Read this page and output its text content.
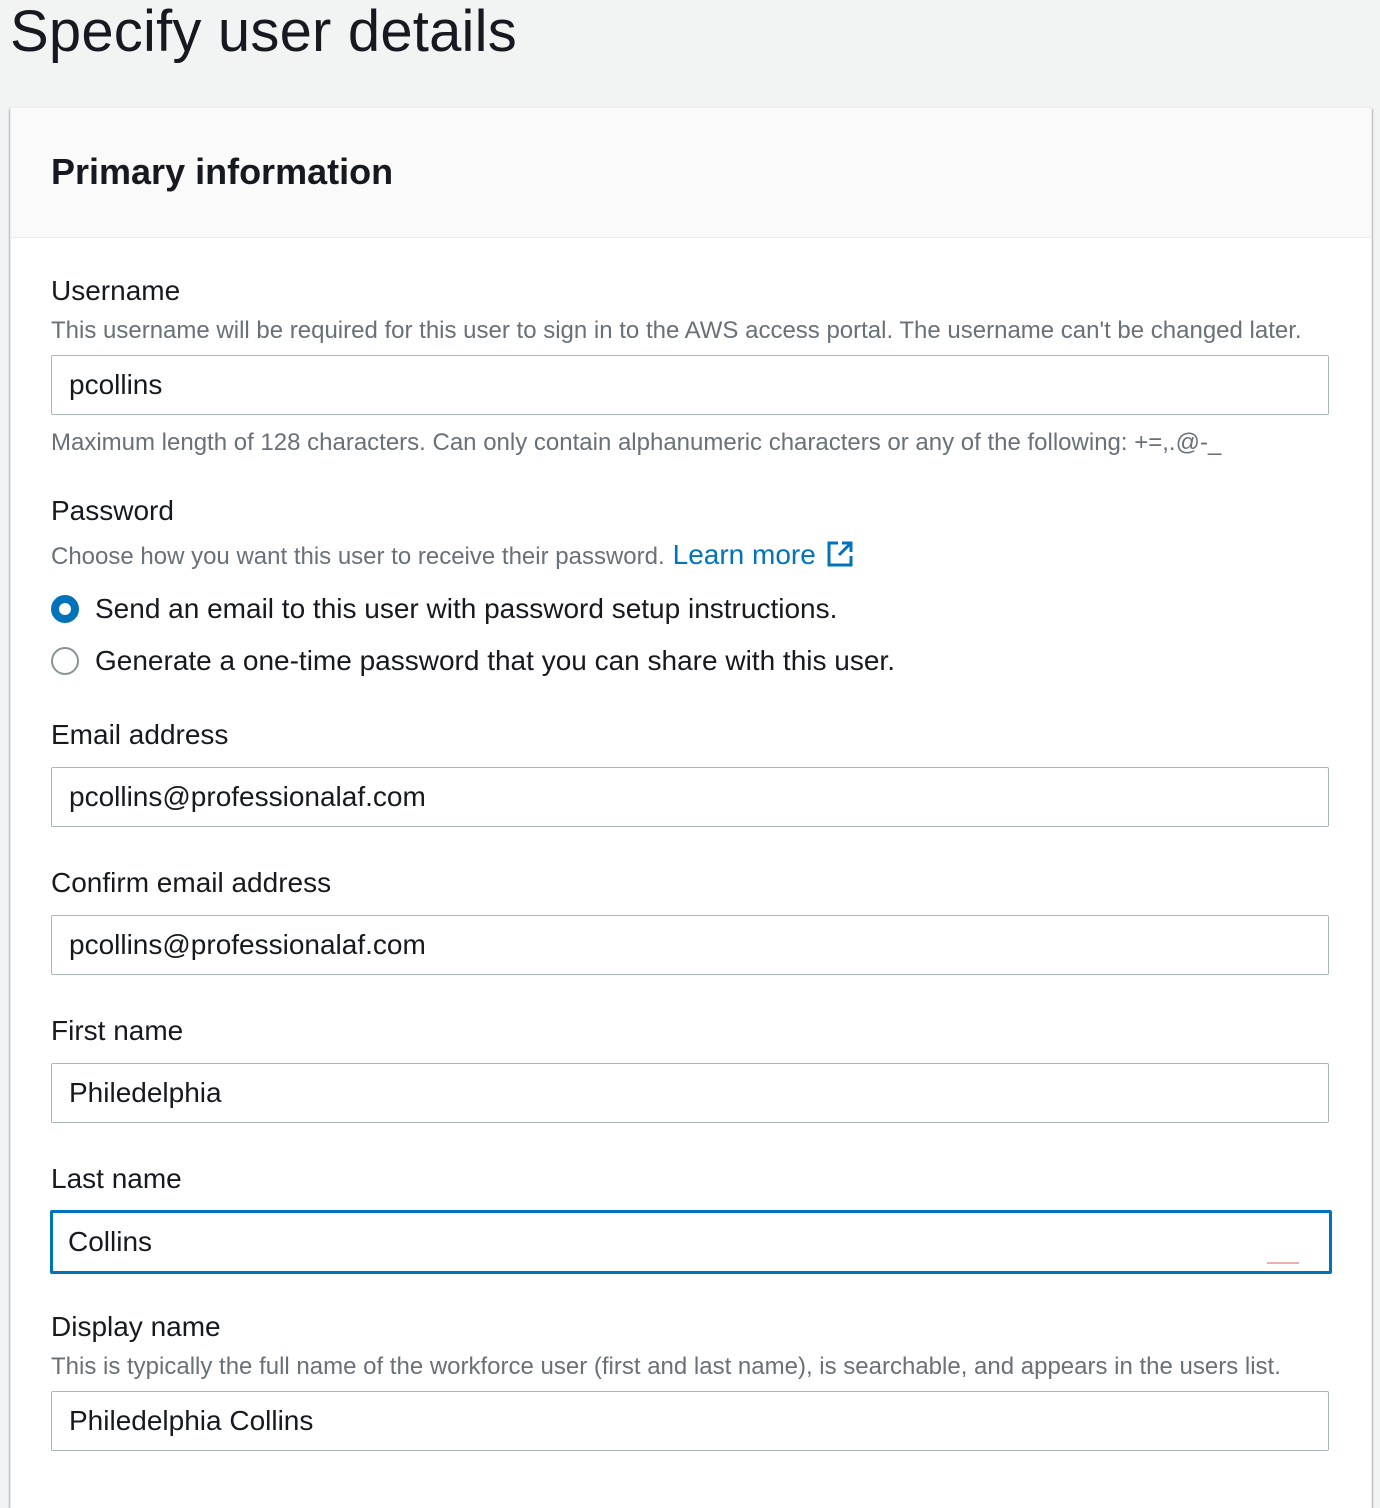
Specify user details
Primary information
Username
This username will be required for this user to sign in to the AWS access portal. The username can't be changed later.
pcollins
Maximum length of 128 characters. Can only contain alphanumeric characters or any of the following: +=,.@-_
Password
Choose how you want this user to receive their password. Learn more
Send an email to this user with password setup instructions.
Generate a one-time password that you can share with this user.
Email address
pcollins@professionalaf.com
Confirm email address
pcollins@professionalaf.com
First name
Philedelphia
Last name
Collins
Display name
This is typically the full name of the workforce user (first and last name), is searchable, and appears in the users list.
Philedelphia Collins
